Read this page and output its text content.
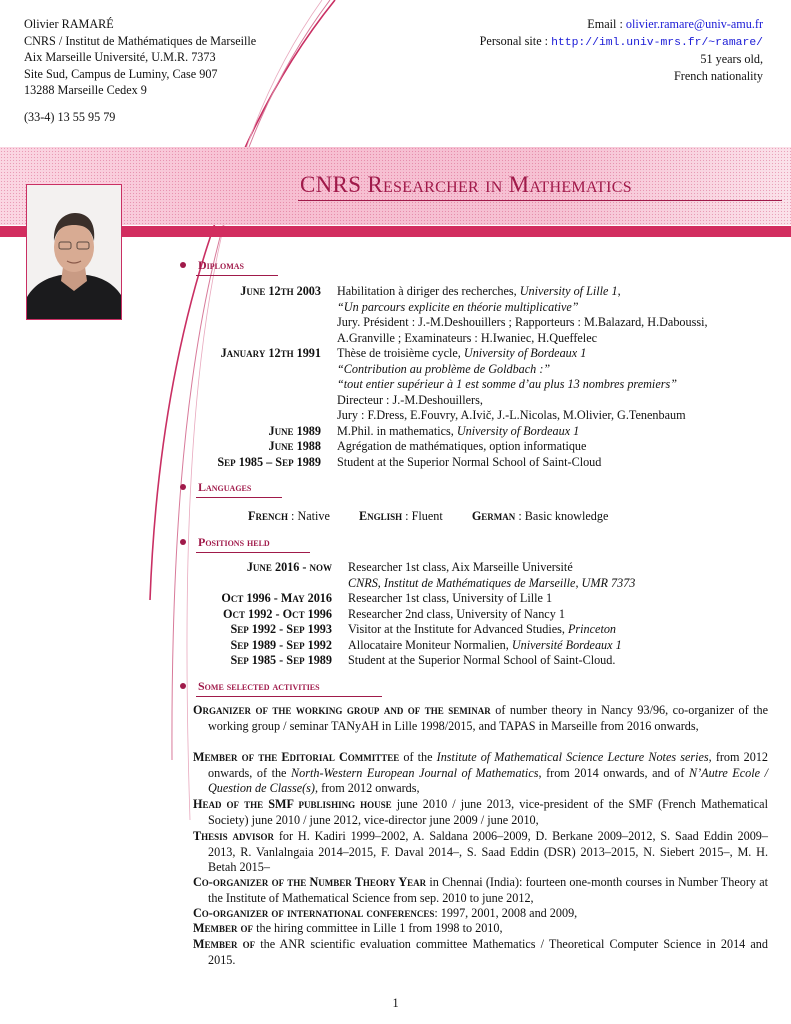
Olivier RAMARÉ
CNRS / Institut de Mathématiques de Marseille
Aix Marseille Université, U.M.R. 7373
Site Sud, Campus de Luminy, Case 907
13288 Marseille Cedex 9
(33-4) 13 55 95 79
Email : olivier.ramare@univ-amu.fr
Personal site : http://iml.univ-mrs.fr/~ramare/
51 years old,
French nationality
CNRS Researcher in Mathematics
Diplomas
June 12th 2003 Habilitation à diriger des recherches, University of Lille 1,
“Un parcours explicite en théorie multiplicative”
Jury. Président : J.-M.Deshouillers ; Rapporteurs : M.Balazard, H.Daboussi,
A.Granville ; Examinateurs : H.Iwaniec, H.Queffelec
January 12th 1991 Thèse de troisième cycle, University of Bordeaux 1
“Contribution au problème de Goldbach :”
“tout entier supérieur à 1 est somme d’au plus 13 nombres premiers”
Directeur : J.-M.Deshouillers,
Jury : F.Dress, E.Fouvry, A.Ivič, J.-L.Nicolas, M.Olivier, G.Tenenbaum
June 1989 M.Phil. in mathematics, University of Bordeaux 1
June 1988 Agrégation de mathématiques, option informatique
Sep 1985 – Sep 1989 Student at the Superior Normal School of Saint-Cloud
Languages
French : Native English : Fluent German : Basic knowledge
Positions held
June 2016 - now Researcher 1st class, Aix Marseille Université
CNRS, Institut de Mathématiques de Marseille, UMR 7373
Oct 1996 - May 2016 Researcher 1st class, University of Lille 1
Oct 1992 - Oct 1996 Researcher 2nd class, University of Nancy 1
Sep 1992 - Sep 1993 Visitor at the Institute for Advanced Studies, Princeton
Sep 1989 - Sep 1992 Allocataire Moniteur Normalien, Université Bordeaux 1
Sep 1985 - Sep 1989 Student at the Superior Normal School of Saint-Cloud.
Some selected activities
Organizer of the working group and of the seminar of number theory in Nancy 93/96, co-organizer of the working group / seminar TANyAH in Lille 1998/2015, and TAPAS in Marseille from 2016 onwards,
Member of the Editorial Committee of the Institute of Mathematical Science Lecture Notes series, from 2012 onwards, of the North-Western European Journal of Mathematics, from 2014 onwards, and of N’Autre Ecole / Question de Classe(s), from 2012 onwards,
Head of the SMF publishing house june 2010 / june 2013, vice-president of the SMF (French Mathematical Society) june 2010 / june 2012, vice-director june 2009 / june 2010,
Thesis advisor for H. Kadiri 1999–2002, A. Saldana 2006–2009, D. Berkane 2009–2012, S. Saad Eddin 2009–2013, R. Vanlalngaia 2014–2015, F. Daval 2014–, S. Saad Eddin (DSR) 2013–2015, N. Siebert 2015–, M. H. Betah 2015–
Co-organizer of the Number Theory Year in Chennai (India): fourteen one-month courses in Number Theory at the Institute of Mathematical Science from sep. 2010 to june 2012,
Co-organizer of international conferences: 1997, 2001, 2008 and 2009,
Member of the hiring committee in Lille 1 from 1998 to 2010,
Member of the ANR scientific evaluation committee Mathematics / Theoretical Computer Science in 2014 and 2015.
1
